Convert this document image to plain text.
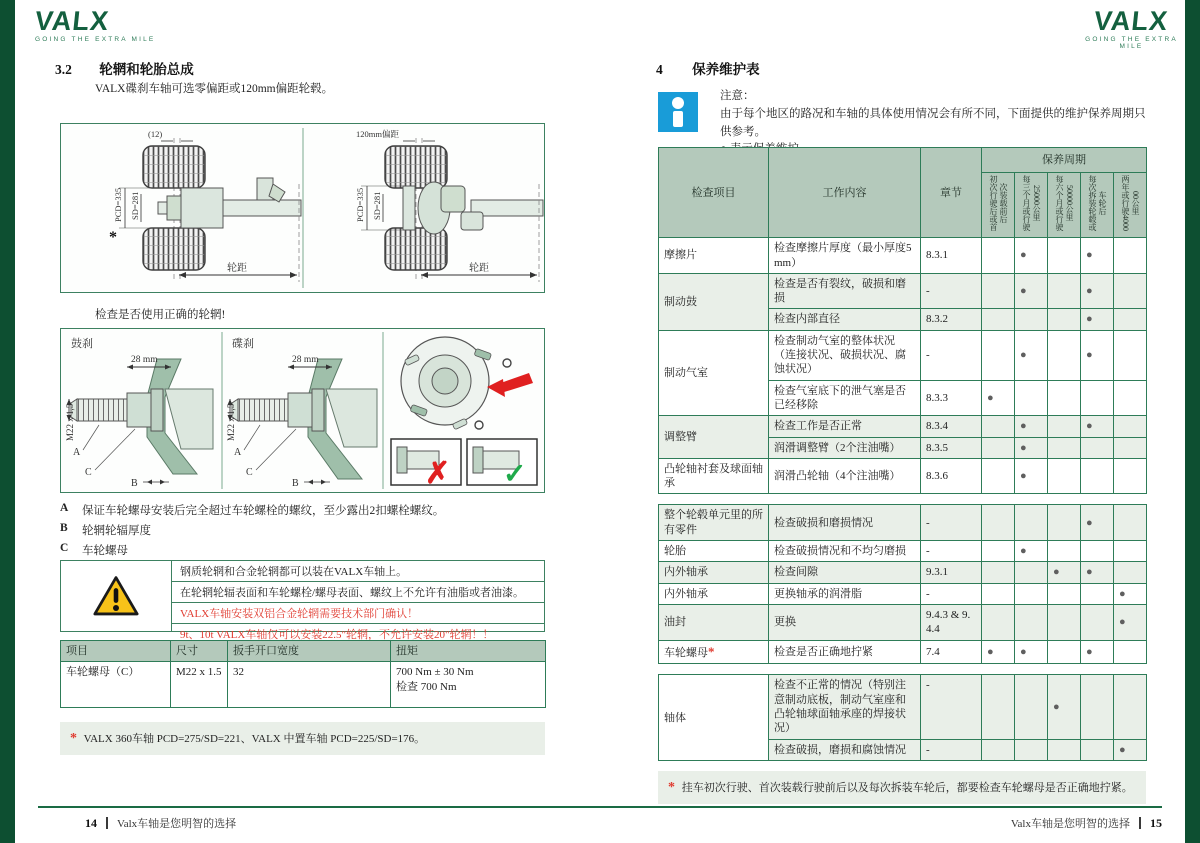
VALX
GOING THE EXTRA MILE
3.2 轮辋和轮胎总成
VALX碟刹车轴可选零偏距或120mm偏距轮毂。
(12)
PCD=335 SD=281
*
轮距
120mm偏距
PCD=335 SD=281
轮距
检查是否使用正确的轮辋!
鼓刹
M22 x 1,5
28 mm
A
C
B
碟刹
M22 x 1,5
28 mm
A
C
B	✗ ✓
A	保证车轮螺母安装后完全超过车轮螺栓的螺纹，至少露出2扣螺栓螺纹。
B	轮辋轮辐厚度
C	车轮螺母
钢质轮辋和合金轮辋都可以装在VALX车轴上。
在轮辋轮辐表面和车轮螺栓/螺母表面、螺纹上不允许有油脂或者油漆。
VALX车轴安装双铝合金轮辋需要技术部门确认！
9t、10t VALX车轴仅可以安装22.5"轮辋，不允许安装20"轮辋！！
项目	尺寸	扳手开口宽度	扭矩
车轮螺母（C）	M22 x 1.5	32	700 Nm ± 30 Nm
检查 700 Nm
* VALX 360车轴 PCD=275/SD=221、VALX 中置车轴 PCD=225/SD=176。
VALX
GOING THE EXTRA MILE
4 保养维护表
注意：
由于每个地区的路况和车轴的具体使用情况会有所不同，下面提供的维护保养周期只供参考。
检查项目	工作内容	章节	保养周期				
			初次行驶后或首次装载前后	每三个月或行驶25000公里	每六个月或行驶50000公里	每次拆装轮毂或车轮后	两年或行驶400000公里
摩擦片	检查摩擦片厚度（最小厚度5mm）	8.3.1		●		●	
制动鼓	检查是否有裂纹，破损和磨损	-		●		●	
	检查内部直径	8.3.2				●	
制动气室	检查制动气室的整体状况（连接状况、破损状况、腐蚀状况）	-		●		●	
	检查气室底下的泄气塞是否已经移除	8.3.3	●				
调整臂	检查工作是否正常	8.3.4		●		●	
	润滑调整臂（2个注油嘴）	8.3.5		●			
凸轮轴衬套及球面轴承	润滑凸轮轴（4个注油嘴）	8.3.6		●			
整个轮毂单元里的所有零件	检查破损和磨损情况	-				●	
轮胎	检查破损情况和不均匀磨损	-		●			
内外轴承	检查间隙	9.3.1			●	●	
内外轴承	更换轴承的润滑脂	-					●
油封	更换	9.4.3 & 9.4.4					●
车轮螺母*	检查是否正确地拧紧	7.4	●	●		●	
轴体	检查不正常的情况（特别注意制动底板，制动气室座和凸轮轴球面轴承座的焊接状况）	-			●		
	检查破损，磨损和腐蚀情况	-					●
* 挂车初次行驶、首次装载行驶前后以及每次拆装车轮后，都要检查车轮螺母是否正确地拧紧。
14 Valx车轴是您明智的选择	Valx车轴是您明智的选择 15
